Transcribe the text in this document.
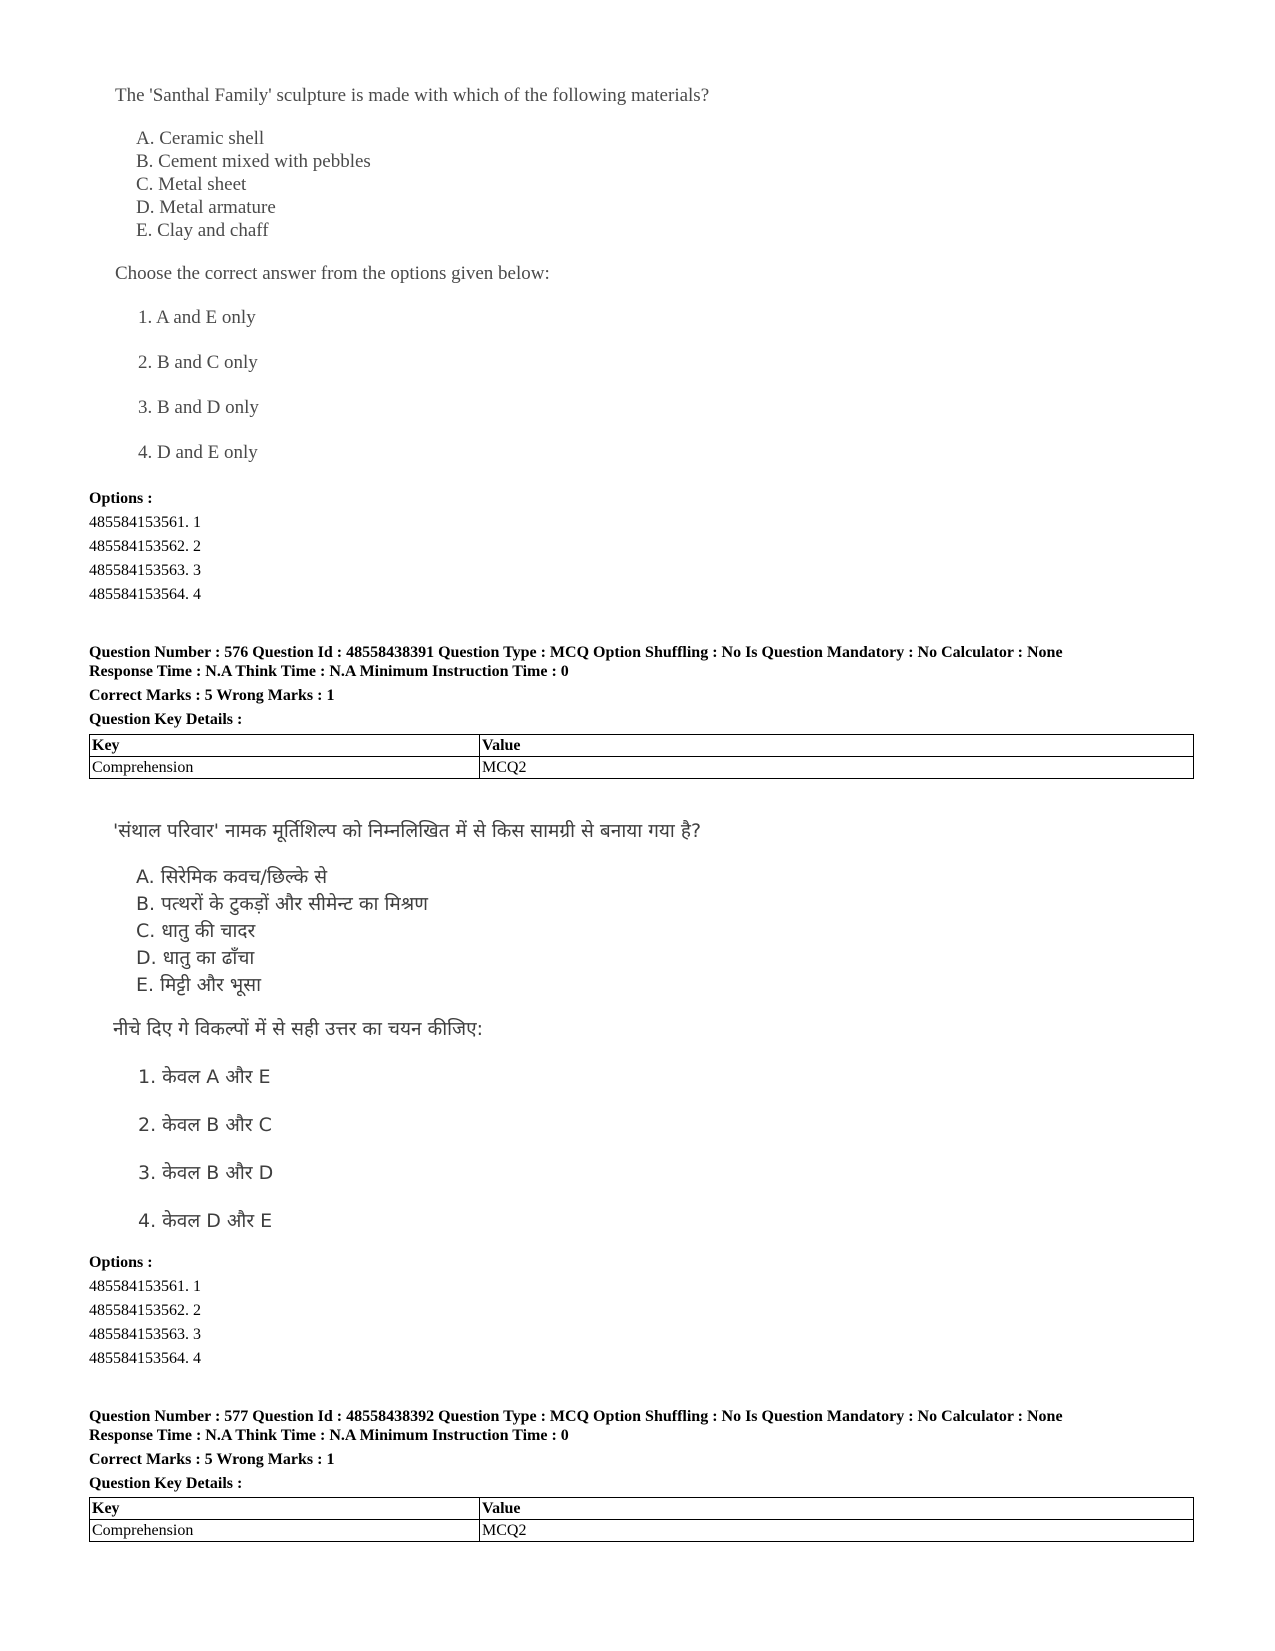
The 'Santhal Family' sculpture is made with which of the following materials?
A. Ceramic shell
B. Cement mixed with pebbles
C. Metal sheet
D. Metal armature
E. Clay and chaff
Choose the correct answer from the options given below:
1. A and E only
2. B and C only
3. B and D only
4. D and E only
Options :
485584153561. 1
485584153562. 2
485584153563. 3
485584153564. 4
Question Number : 576 Question Id : 48558438391 Question Type : MCQ Option Shuffling : No Is Question Mandatory : No Calculator : None
Response Time : N.A Think Time : N.A Minimum Instruction Time : 0
Correct Marks : 5 Wrong Marks : 1
Question Key Details :
Key	Value
Comprehension	MCQ2
'संथाल परिवार' नामक मूर्तिशिल्प को निम्नलिखित में से किस सामग्री से बनाया गया है?
A. सिरेमिक कवच/छिल्के से
B. पत्थरों के टुकड़ों और सीमेन्ट का मिश्रण
C. धातु की चादर
D. धातु का ढाँचा
E. मिट्टी और भूसा
नीचे दिए गे विकल्पों में से सही उत्तर का चयन कीजिए:
1. केवल A और E
2. केवल B और C
3. केवल B और D
4. केवल D और E
Options :
485584153561. 1
485584153562. 2
485584153563. 3
485584153564. 4
Question Number : 577 Question Id : 48558438392 Question Type : MCQ Option Shuffling : No Is Question Mandatory : No Calculator : None
Response Time : N.A Think Time : N.A Minimum Instruction Time : 0
Correct Marks : 5 Wrong Marks : 1
Question Key Details :
Key	Value
Comprehension	MCQ2
